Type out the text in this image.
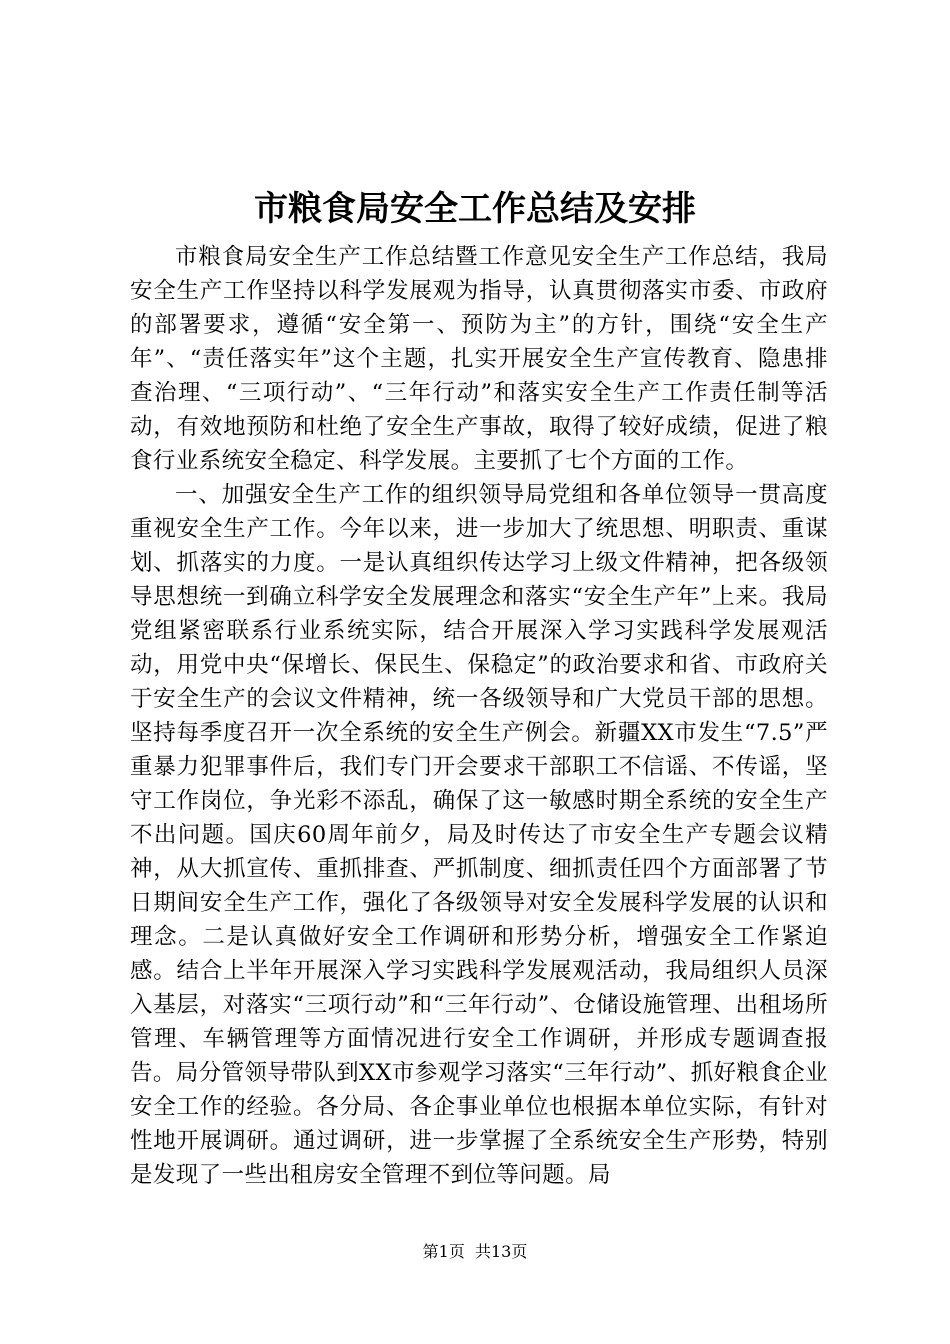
市粮食局安全工作总结及安排

市粮食局安全生产工作总结暨工作意见安全生产工作总结，我局安全生产工作坚持以科学发展观为指导，认真贯彻落实市委、市政府的部署要求，遵循“安全第一、预防为主”的方针，围绕“安全生产年”、“责任落实年”这个主题，扎实开展安全生产宣传教育、隐患排查治理、“三项行动”、“三年行动”和落实安全生产工作责任制等活动，有效地预防和杜绝了安全生产事故，取得了较好成绩，促进了粮食行业系统安全稳定、科学发展。主要抓了七个方面的工作。

一、加强安全生产工作的组织领导局党组和各单位领导一贯高度重视安全生产工作。今年以来，进一步加大了统思想、明职责、重谋划、抓落实的力度。一是认真组织传达学习上级文件精神，把各级领导思想统一到确立科学安全发展理念和落实“安全生产年”上来。我局党组紧密联系行业系统实际，结合开展深入学习实践科学发展观活动，用党中央“保增长、保民生、保稳定”的政治要求和省、市政府关于安全生产的会议文件精神，统一各级领导和广大党员干部的思想。坚持每季度召开一次全系统的安全生产例会。新疆XX市发生“7.5”严重暴力犯罪事件后，我们专门开会要求干部职工不信谣、不传谣，坚守工作岗位，争光彩不添乱，确保了这一敏感时期全系统的安全生产不出问题。国庆60周年前夕，局及时传达了市安全生产专题会议精神，从大抓宣传、重抓排查、严抓制度、细抓责任四个方面部署了节日期间安全生产工作，强化了各级领导对安全发展科学发展的认识和理念。二是认真做好安全工作调研和形势分析，增强安全工作紧迫感。结合上半年开展深入学习实践科学发展观活动，我局组织人员深入基层，对落实“三项行动”和“三年行动”、仓储设施管理、出租场所管理、车辆管理等方面情况进行安全工作调研，并形成专题调查报告。局分管领导带队到XX市参观学习落实“三年行动”、抓好粮食企业安全工作的经验。各分局、各企事业单位也根据本单位实际，有针对性地开展调研。通过调研，进一步掌握了全系统安全生产形势，特别是发现了一些出租房安全管理不到位等问题。局

第1页  共13页
